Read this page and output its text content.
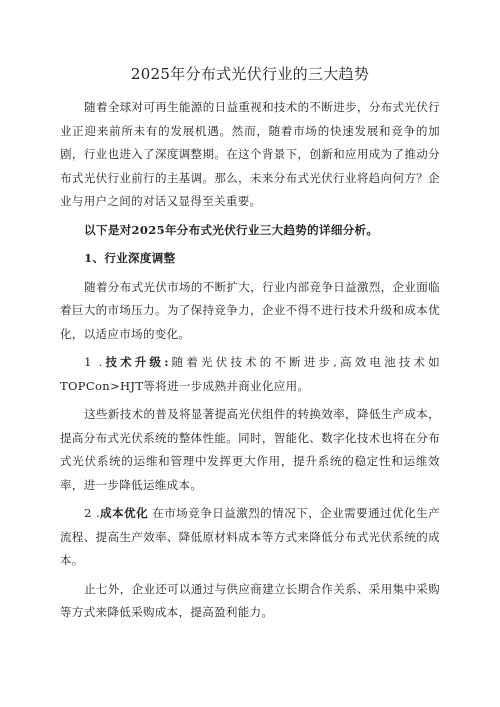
2025年分布式光伏行业的三大趋势

随着全球对可再生能源的日益重视和技术的不断进步，分布式光伏行业正迎来前所未有的发展机遇。然而，随着市场的快速发展和竞争的加剧，行业也进入了深度调整期。在这个背景下，创新和应用成为了推动分布式光伏行业前行的主基调。那么，未来分布式光伏行业将趋向何方？企业与用户之间的对话又显得至关重要。

以下是对2025年分布式光伏行业三大趋势的详细分析。

1、行业深度调整

随着分布式光伏市场的不断扩大，行业内部竞争日益激烈，企业面临着巨大的市场压力。为了保持竞争力，企业不得不进行技术升级和成本优化，以适应市场的变化。

1 .技术升级:随着光伏技术的不断进步,高效电池技术如TOPCon>HJT等将进一步成熟并商业化应用。

这些新技术的普及将显著提高光伏组件的转换效率，降低生产成本，提高分布式光伏系统的整体性能。同时，智能化、数字化技术也将在分布式光伏系统的运维和管理中发挥更大作用，提升系统的稳定性和运维效率，进一步降低运维成本。

2 .成本优化 在市场竞争日益激烈的情况下，企业需要通过优化生产流程、提高生产效率、降低原材料成本等方式来降低分布式光伏系统的成本。

止七外，企业还可以通过与供应商建立长期合作关系、采用集中采购等方式来降低采购成本，提高盈利能力。
